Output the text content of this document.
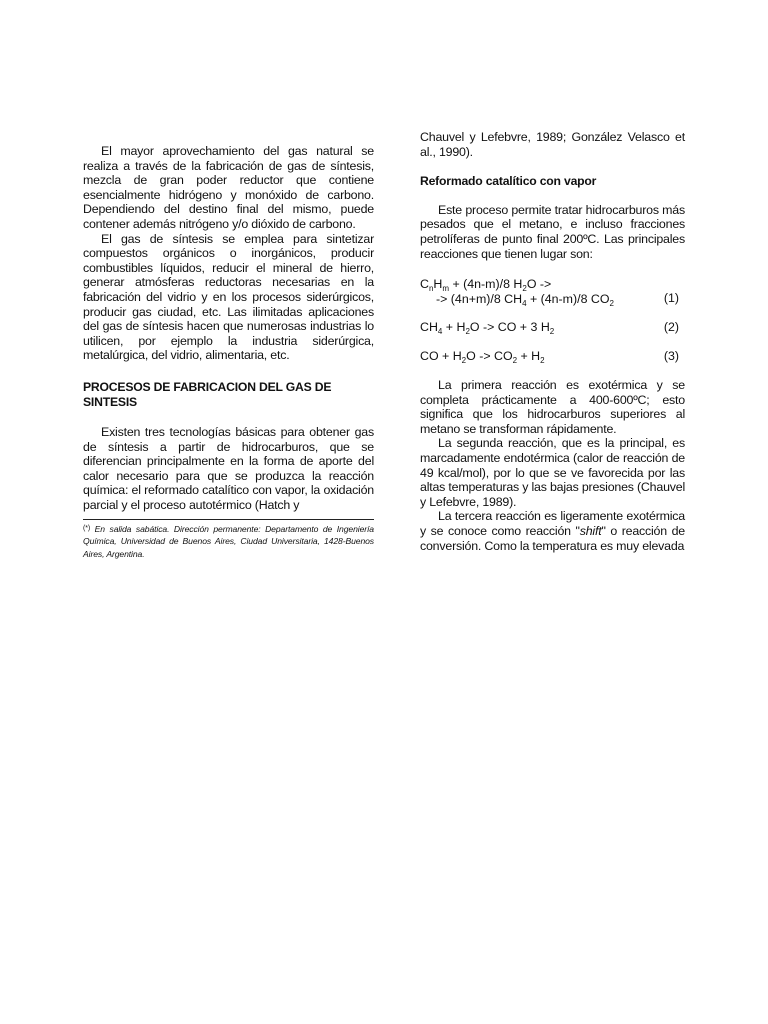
El mayor aprovechamiento del gas natural se realiza a través de la fabricación de gas de síntesis, mezcla de gran poder reductor que contiene esencialmente hidrógeno y monóxido de carbono. Dependiendo del destino final del mismo, puede contener además nitrógeno y/o dióxido de carbono.

El gas de síntesis se emplea para sintetizar compuestos orgánicos o inorgánicos, producir combustibles líquidos, reducir el mineral de hierro, generar atmósferas reductoras necesarias en la fabricación del vidrio y en los procesos siderúrgicos, producir gas ciudad, etc. Las ilimitadas aplicaciones del gas de síntesis hacen que numerosas industrias lo utilicen, por ejemplo la industria siderúrgica, metalúrgica, del vidrio, alimentaria, etc.

PROCESOS DE FABRICACION DEL GAS DE SINTESIS

Existen tres tecnologías básicas para obtener gas de síntesis a partir de hidrocarburos, que se diferencian principalmente en la forma de aporte del calor necesario para que se produzca la reacción química: el reformado catalítico con vapor, la oxidación parcial y el proceso autotérmico (Hatch y

(*) En salida sabática. Dirección permanente: Departamento de Ingeniería Química, Universidad de Buenos Aires, Ciudad Universitaria, 1428-Buenos Aires, Argentina.

Chauvel y Lefebvre, 1989; González Velasco et al., 1990).

Reformado catalítico con vapor

Este proceso permite tratar hidrocarburos más pesados que el metano, e incluso fracciones petrolíferas de punto final 200ºC. Las principales reacciones que tienen lugar son:

$C_nH_m + (4n-m)/8$ $H_2O$ ->
-> (4n+m)/8 $CH_4 + (4n-m)/8$ $CO_2$	(1)
$CH_4 + H_2O$ -> CO + 3 $H_2$	(2)
CO + $H_2O -> CO_2 + H_2$	(3)

La primera reacción es exotérmica y se completa prácticamente a 400-600ºC; esto significa que los hidrocarburos superiores al metano se transforman rápidamente.

La segunda reacción, que es la principal, es marcadamente endotérmica (calor de reacción de 49 kcal/mol), por lo que se ve favorecida por las altas temperaturas y las bajas presiones (Chauvel y Lefebvre, 1989).

La tercera reacción es ligeramente exotérmica y se conoce como reacción "shift" o reacción de conversión. Como la temperatura es muy elevada
